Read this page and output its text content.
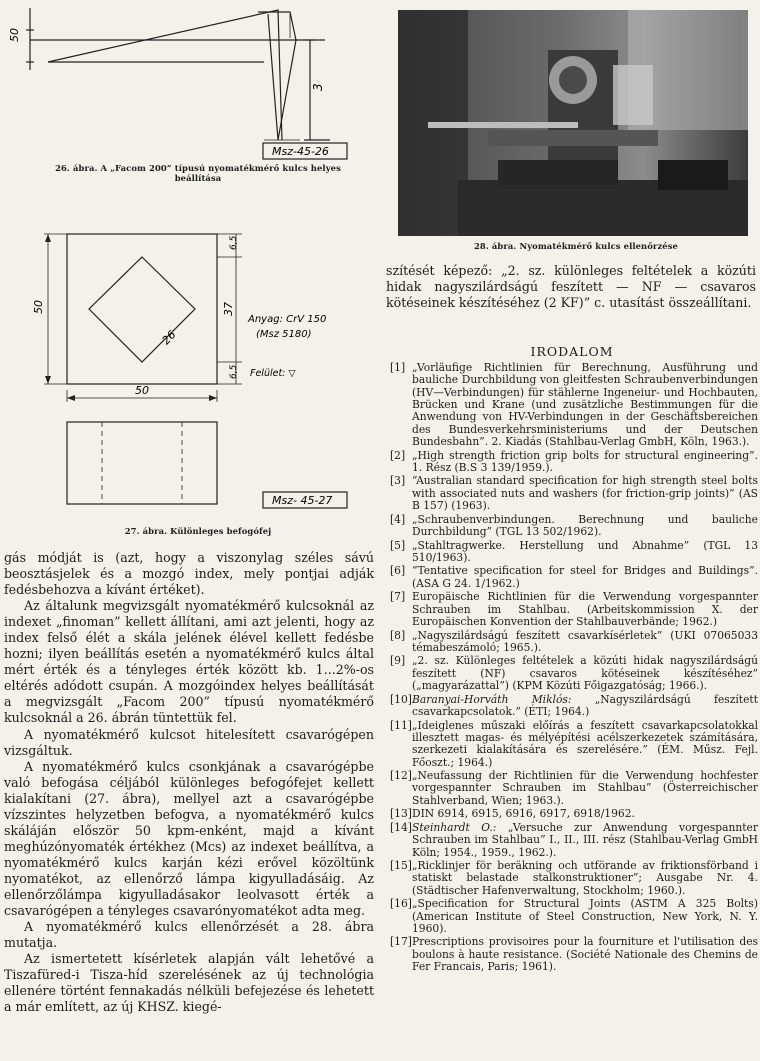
50
3
Msz-45-26
26. ábra. A „Facom 200” típusú nyomatékmérő kulcs helyes beállítása
50
50
6,5
37
6,5
26
Anyag: CrV 150
(Msz 5180)
Felület: ▽
Msz- 45-27
27. ábra. Különleges befogófej

gás módját is (azt, hogy a viszonylag széles sávú beosztásjelek és a mozgó index, mely pontjai adják fedésbehozva a kívánt értéket).

Az általunk megvizsgált nyomatékmérő kulcsoknál az indexet „finoman” kellett állítani, ami azt jelenti, hogy az index felső élét a skála jelének élével kellett fedésbe hozni; ilyen beállítás esetén a nyomatékmérő kulcs által mért érték és a tényleges érték között kb. 1...2%-os eltérés adódott csupán. A mozgóindex helyes beállítását a megvizsgált „Facom 200” típusú nyomatékmérő kulcsoknál a 26. ábrán tüntettük fel.

A nyomatékmérő kulcsot hitelesített csavarógépen vizsgáltuk.

A nyomatékmérő kulcs csonkjának a csavarógépbe való befogása céljából különleges befogófejet kellett kialakítani (27. ábra), mellyel azt a csavarógépbe vízszintes helyzetben befogva, a nyomatékmérő kulcs skáláján először 50 kpm-enként, majd a kívánt meghúzónyomaték értékhez (Mcs) az indexet beállítva, a nyomatékmérő kulcs karján kézi erővel közöltünk nyomatékot, az ellenőrző lámpa kigyulladásáig. Az ellenőrzőlámpa kigyulladásakor leolvasott érték a csavarógépen a tényleges csavarónyomatékot adta meg.

A nyomatékmérő kulcs ellenőrzését a 28. ábra mutatja.

Az ismertetett kísérletek alapján vált lehetővé a Tiszafüred-i Tisza-híd szerelésének az új technológia ellenére történt fennakadás nélküli befejezése és lehetett a már említett, az új KHSZ. kiegé-

28. ábra. Nyomatékmérő kulcs ellenőrzése
szítését képező: „2. sz. különleges feltételek a közúti hidak nagyszilárdságú feszített — NF — csavaros kötéseinek készítéséhez (2 KF)” c. utasítást összeállítani.
IRODALOM
[1] „Vorläufige Richtlinien für Berechnung, Ausführung und bauliche Durchbildung von gleitfesten Schraubenverbindungen (HV—Verbindungen) für stählerne Ingeneiur- und Hochbauten, Brücken und Krane (und zusätzliche Bestimmungen für die Anwendung von HV-Verbindungen in der Geschäftsbereichen des Bundesverkehrsministeriums und der Deutschen Bundesbahn”. 2. Kiadás (Stahlbau-Verlag GmbH, Köln, 1963.).
[2] „High strength friction grip bolts for structural engineering”. 1. Rész (B.S 3 139/1959.).
[3] “Australian standard specification for high strength steel bolts with associated nuts and washers (for friction-grip joints)” (AS B 157) (1963).
[4] „Schraubenverbindungen. Berechnung und bauliche Durchbildung” (TGL 13 502/1962).
[5] „Stahltragwerke. Herstellung und Abnahme” (TGL 13 510/1963).
[6] “Tentative specification for steel for Bridges and Buildings”. (ASA G 24. 1/1962.)
[7] Europäische Richtlinien für die Verwendung vorgespannter Schrauben im Stahlbau. (Arbeitskommission X. der Europäischen Konvention der Stahlbauverbände; 1962.)
[8] „Nagyszilárdságú feszített csavarkísérletek” (UKI 07065033 témabeszámoló; 1965.).
[9] „2. sz. Különleges feltételek a közúti hidak nagyszilárdságú feszített (NF) csavaros kötéseinek készítéséhez” („magyarázattal”) (KPM Közúti Főigazgatóság; 1966.).
[10] Baranyai-Horváth Miklós: „Nagyszilárdságú feszített csavarkapcsolatok.” (ÉTI; 1964.)
[11] „Ideiglenes műszaki előírás a feszített csavarkapcsolatokkal illesztett magas- és mélyépítési acélszerkezetek számítására, szerkezeti kialakítására és szerelésére.” (ÉM. Műsz. Fejl. Főoszt.; 1964.)
[12] „Neufassung der Richtlinien für die Verwendung hochfester vorgespannter Schrauben im Stahlbau” (Österreichischer Stahlverband, Wien; 1963.).
[13] DIN 6914, 6915, 6916, 6917, 6918/1962.
[14] Steinhardt O.: „Versuche zur Anwendung vorgespannter Schrauben im Stahlbau” I., II., III. rész (Stahlbau-Verlag GmbH Köln; 1954., 1959., 1962.).
[15] „Ricklinjer för beräkning och utförande av friktionsförband i statiskt belastade stalkonstruktioner”; Ausgabe Nr. 4. (Städtischer Hafenverwaltung, Stockholm; 1960.).
[16] „Specification for Structural Joints (ASTM A 325 Bolts) (American Institute of Steel Construction, New York, N. Y. 1960).
[17] Prescriptions provisoires pour la fourniture et l'utilisation des boulons à haute resistance. (Société Nationale des Chemins de Fer Francais, Paris; 1961).
